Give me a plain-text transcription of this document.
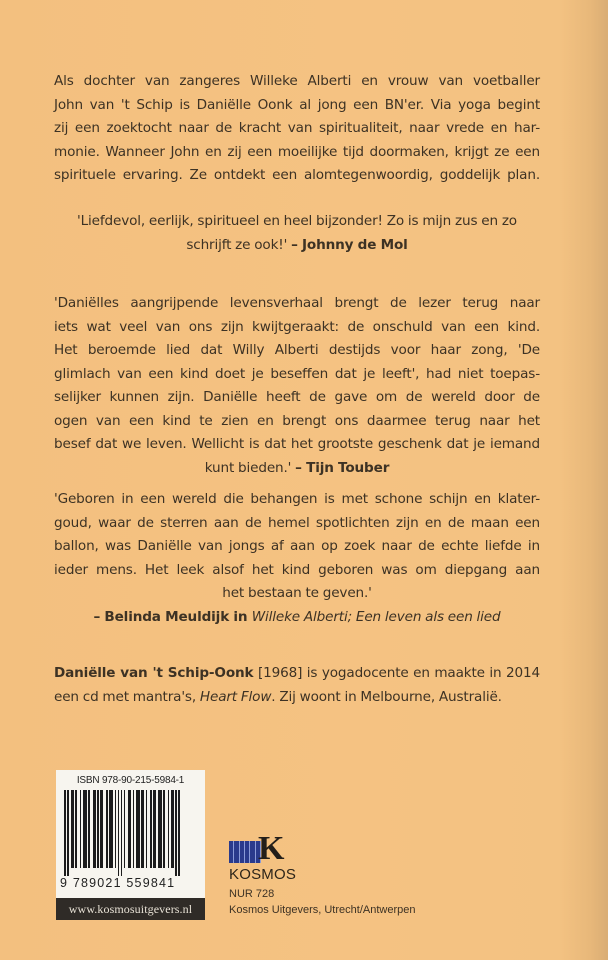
Als dochter van zangeres Willeke Alberti en vrouw van voetballer
John van 't Schip is Daniëlle Oonk al jong een BN'er. Via yoga begint
zij een zoektocht naar de kracht van spiritualiteit, naar vrede en har-
monie. Wanneer John en zij een moeilijke tijd doormaken, krijgt ze een
spirituele ervaring. Ze ontdekt een alomtegenwoordig, goddelijk plan.
'Liefdevol, eerlijk, spiritueel en heel bijzonder! Zo is mijn zus en zo
schrijft ze ook!' – Johnny de Mol
'Daniëlles aangrijpende levensverhaal brengt de lezer terug naar
iets wat veel van ons zijn kwijtgeraakt: de onschuld van een kind.
Het beroemde lied dat Willy Alberti destijds voor haar zong, 'De
glimlach van een kind doet je beseffen dat je leeft', had niet toepas-
selijker kunnen zijn. Daniëlle heeft de gave om de wereld door de
ogen van een kind te zien en brengt ons daarmee terug naar het
besef dat we leven. Wellicht is dat het grootste geschenk dat je iemand
kunt bieden.' – Tijn Touber
'Geboren in een wereld die behangen is met schone schijn en klater-
goud, waar de sterren aan de hemel spotlichten zijn en de maan een
ballon, was Daniëlle van jongs af aan op zoek naar de echte liefde in
ieder mens. Het leek alsof het kind geboren was om diepgang aan
het bestaan te geven.'
– Belinda Meuldijk in Willeke Alberti; Een leven als een lied
Daniëlle van 't Schip-Oonk [1968] is yogadocente en maakte in 2014
een cd met mantra's, Heart Flow. Zij woont in Melbourne, Australië.
ISBN 978-90-215-5984-1
9 789021 559841
www.kosmosuitgevers.nl
K
KOSMOS
NUR 728
Kosmos Uitgevers, Utrecht/Antwerpen
